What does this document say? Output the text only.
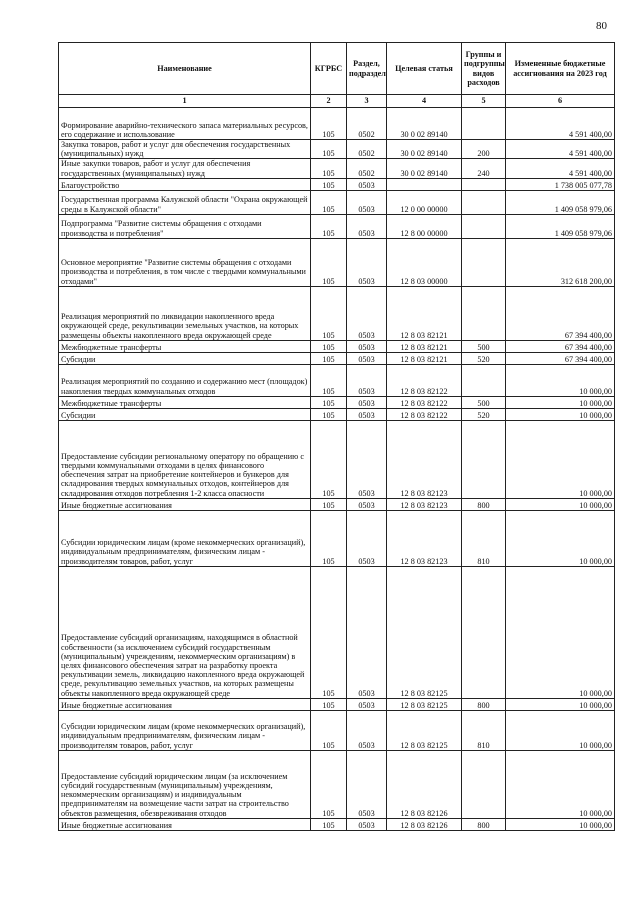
80
Наименование	КГРБС	Раздел, подраздел	Целевая статья	Группы и подгруппы видов расходов	Измененные бюджетные ассигнования на 2023 год
1	2	3	4	5	6
Формирование аварийно-технического запаса материальных ресурсов, его содержание и использование	105	0502	30 0 02 89140		4 591 400,00
Закупка товаров, работ и услуг для обеспечения государственных (муниципальных) нужд	105	0502	30 0 02 89140	200	4 591 400,00
Иные закупки товаров, работ и услуг для обеспечения государственных (муниципальных) нужд	105	0502	30 0 02 89140	240	4 591 400,00
Благоустройство	105	0503			1 738 005 077,78
Государственная программа Калужской области "Охрана окружающей среды в Калужской области"	105	0503	12 0 00 00000		1 409 058 979,06
Подпрограмма "Развитие системы обращения с отходами производства и потребления"	105	0503	12 8 00 00000		1 409 058 979,06
Основное мероприятие "Развитие системы обращения с отходами производства и потребления, в том числе с твердыми коммунальными отходами"	105	0503	12 8 03 00000		312 618 200,00
Реализация мероприятий по ликвидации накопленного вреда окружающей среде, рекультивации земельных участков, на которых размещены объекты накопленного вреда окружающей среде	105	0503	12 8 03 82121		67 394 400,00
Межбюджетные трансферты	105	0503	12 8 03 82121	500	67 394 400,00
Субсидии	105	0503	12 8 03 82121	520	67 394 400,00
Реализация мероприятий по созданию и содержанию мест (площадок) накопления твердых коммунальных отходов	105	0503	12 8 03 82122		10 000,00
Межбюджетные трансферты	105	0503	12 8 03 82122	500	10 000,00
Субсидии	105	0503	12 8 03 82122	520	10 000,00
Предоставление субсидии региональному оператору по обращению с твердыми коммунальными отходами в целях финансового обеспечения затрат на приобретение контейнеров и бункеров для складирования твердых коммунальных отходов, контейнеров для складирования отходов потребления 1-2 класса опасности	105	0503	12 8 03 82123		10 000,00
Иные бюджетные ассигнования	105	0503	12 8 03 82123	800	10 000,00
Субсидии юридическим лицам (кроме некоммерческих организаций), индивидуальным предпринимателям, физическим лицам - производителям товаров, работ, услуг	105	0503	12 8 03 82123	810	10 000,00
Предоставление субсидий организациям, находящимся в областной собственности (за исключением субсидий государственным (муниципальным) учреждениям, некоммерческим организациям) в целях финансового обеспечения затрат на разработку проекта рекультивации земель, ликвидацию накопленного вреда окружающей среде, рекультивацию земельных участков, на которых размещены объекты накопленного вреда окружающей среде	105	0503	12 8 03 82125		10 000,00
Иные бюджетные ассигнования	105	0503	12 8 03 82125	800	10 000,00
Субсидии юридическим лицам (кроме некоммерческих организаций), индивидуальным предпринимателям, физическим лицам - производителям товаров, работ, услуг	105	0503	12 8 03 82125	810	10 000,00
Предоставление субсидий юридическим лицам (за исключением субсидий государственным (муниципальным) учреждениям, некоммерческим организациям) и индивидуальным предпринимателям на возмещение части затрат на строительство объектов размещения, обезвреживания отходов	105	0503	12 8 03 82126		10 000,00
Иные бюджетные ассигнования	105	0503	12 8 03 82126	800	10 000,00
